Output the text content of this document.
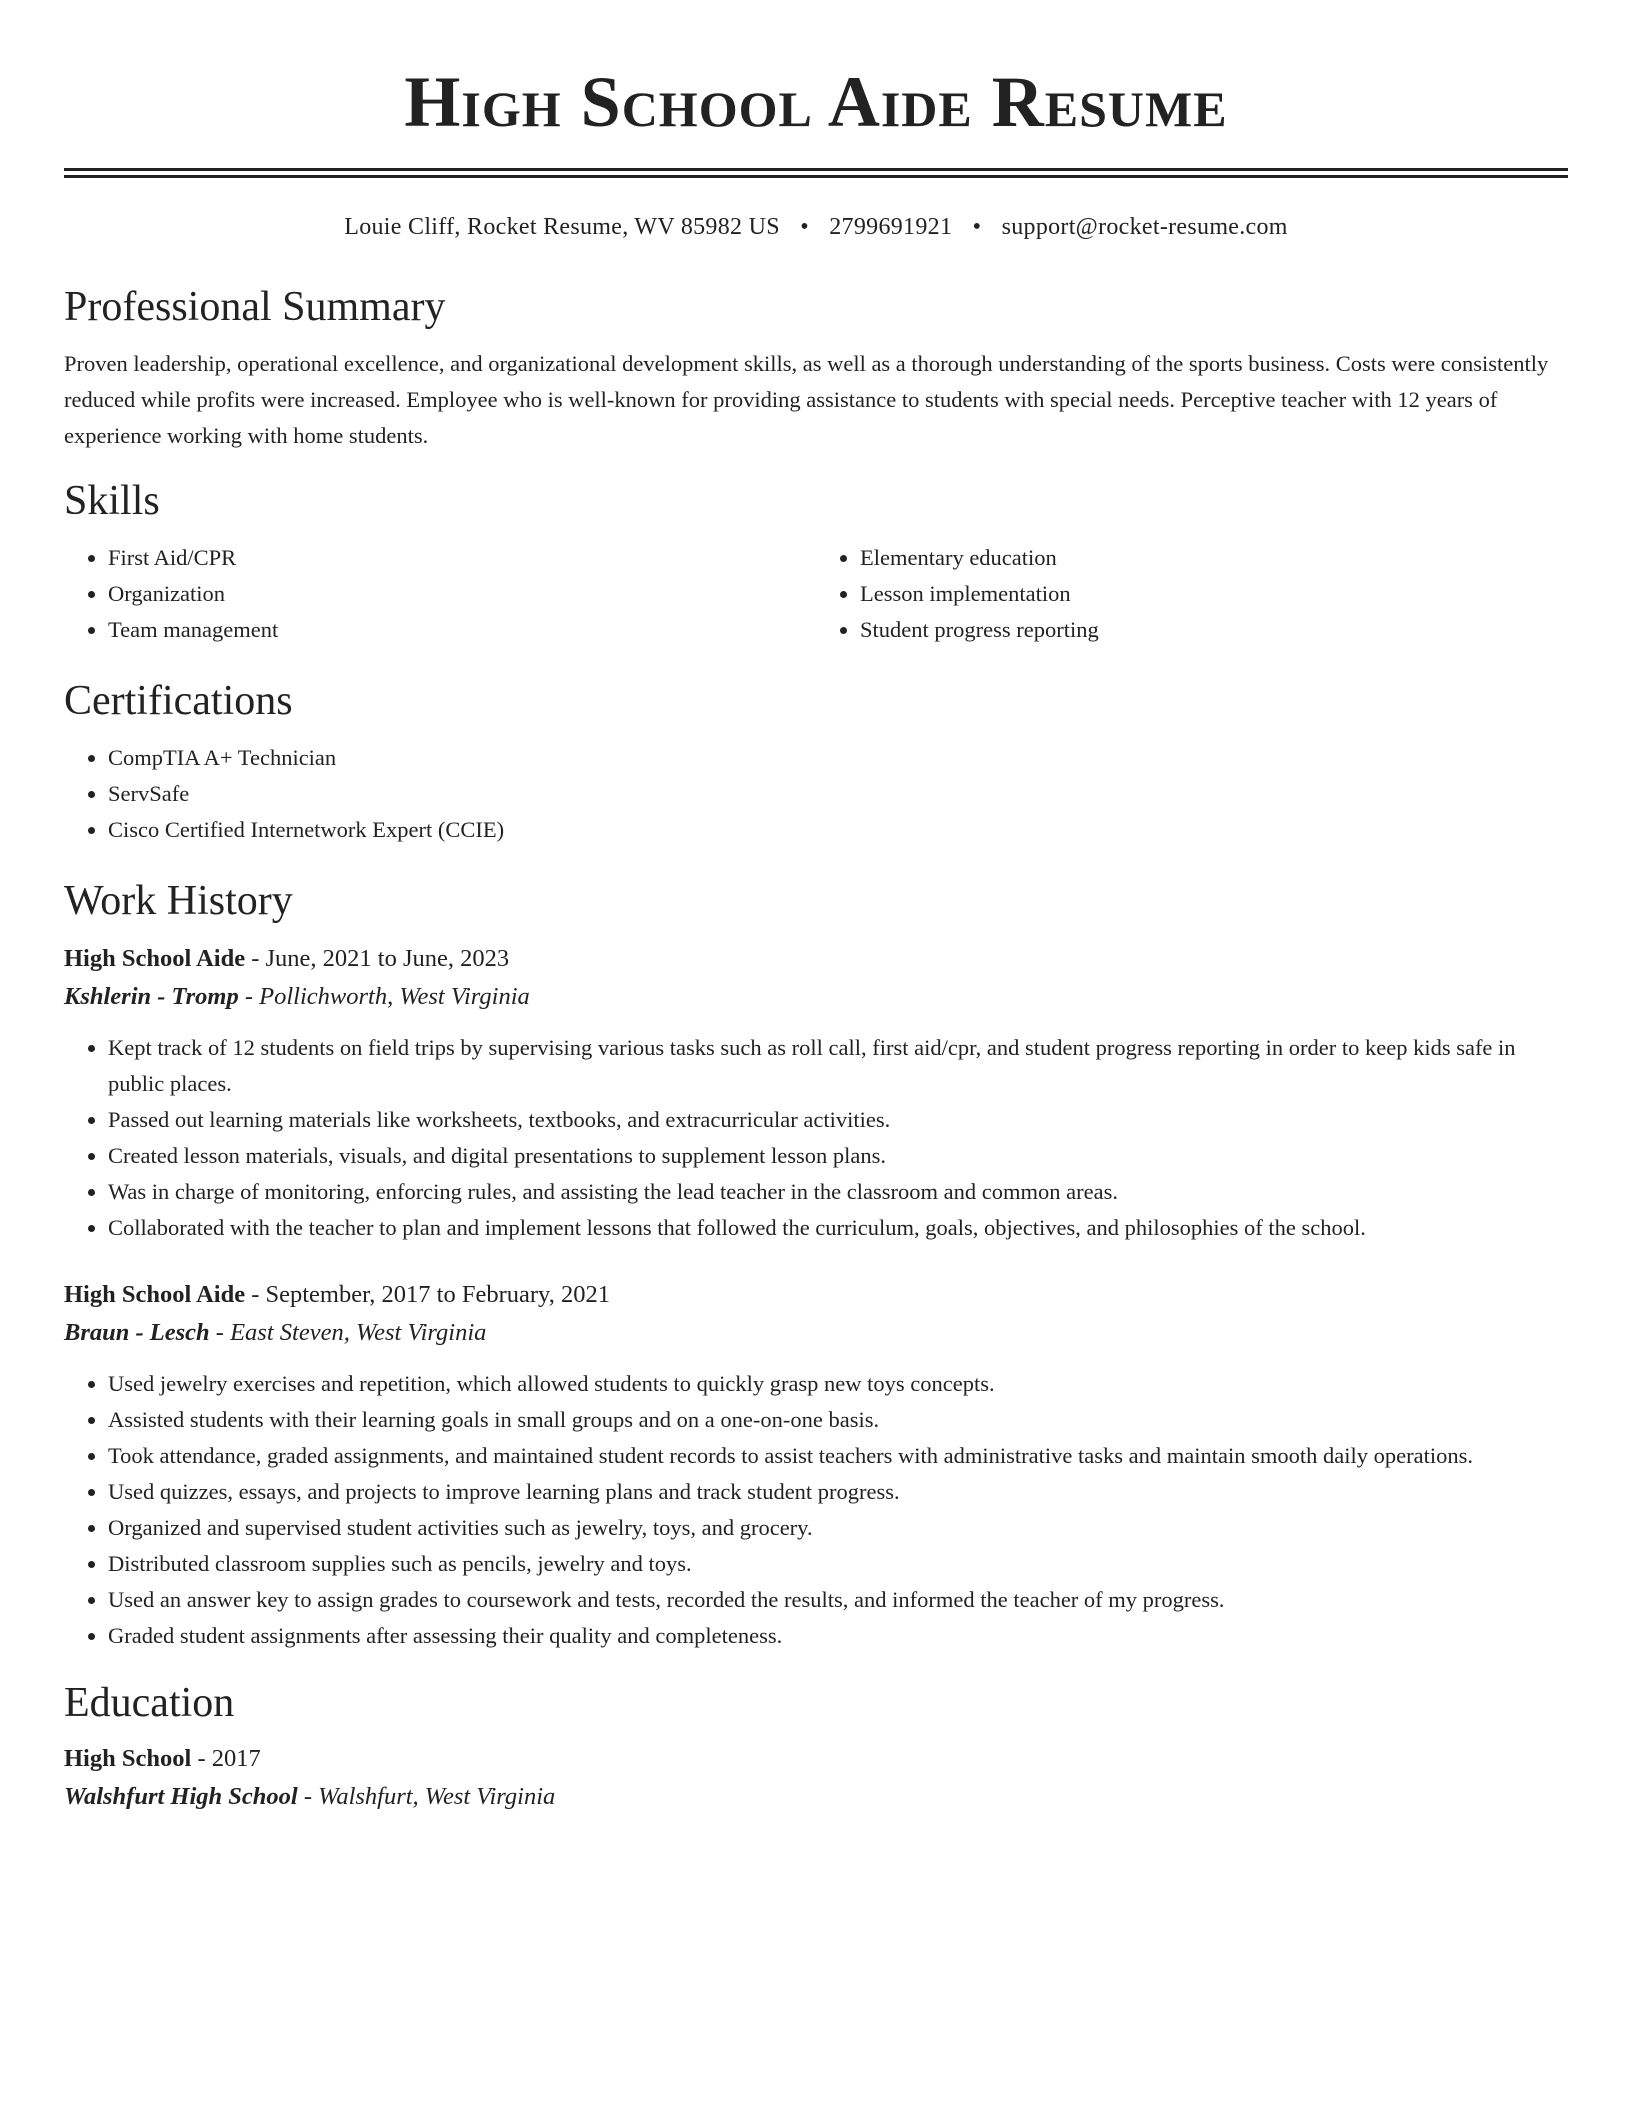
High School Aide Resume
Louie Cliff, Rocket Resume, WV 85982 US • 2799691921 • support@rocket-resume.com
Professional Summary

Proven leadership, operational excellence, and organizational development skills, as well as a thorough understanding of the sports business. Costs were consistently reduced while profits were increased. Employee who is well-known for providing assistance to students with special needs. Perceptive teacher with 12 years of experience working with home students.

Skills
• First Aid/CPR
• Organization
• Team management
• Elementary education
• Lesson implementation
• Student progress reporting
Certifications
• CompTIA A+ Technician
• ServSafe
• Cisco Certified Internetwork Expert (CCIE)
Work History
High School Aide - June, 2021 to June, 2023
Kshlerin - Tromp - Pollichworth, West Virginia
• Kept track of 12 students on field trips by supervising various tasks such as roll call, first aid/cpr, and student progress reporting in order to keep kids safe in public places.
• Passed out learning materials like worksheets, textbooks, and extracurricular activities.
• Created lesson materials, visuals, and digital presentations to supplement lesson plans.
• Was in charge of monitoring, enforcing rules, and assisting the lead teacher in the classroom and common areas.
• Collaborated with the teacher to plan and implement lessons that followed the curriculum, goals, objectives, and philosophies of the school.
High School Aide - September, 2017 to February, 2021
Braun - Lesch - East Steven, West Virginia
• Used jewelry exercises and repetition, which allowed students to quickly grasp new toys concepts.
• Assisted students with their learning goals in small groups and on a one-on-one basis.
• Took attendance, graded assignments, and maintained student records to assist teachers with administrative tasks and maintain smooth daily operations.
• Used quizzes, essays, and projects to improve learning plans and track student progress.
• Organized and supervised student activities such as jewelry, toys, and grocery.
• Distributed classroom supplies such as pencils, jewelry and toys.
• Used an answer key to assign grades to coursework and tests, recorded the results, and informed the teacher of my progress.
• Graded student assignments after assessing their quality and completeness.
Education
High School - 2017
Walshfurt High School - Walshfurt, West Virginia
